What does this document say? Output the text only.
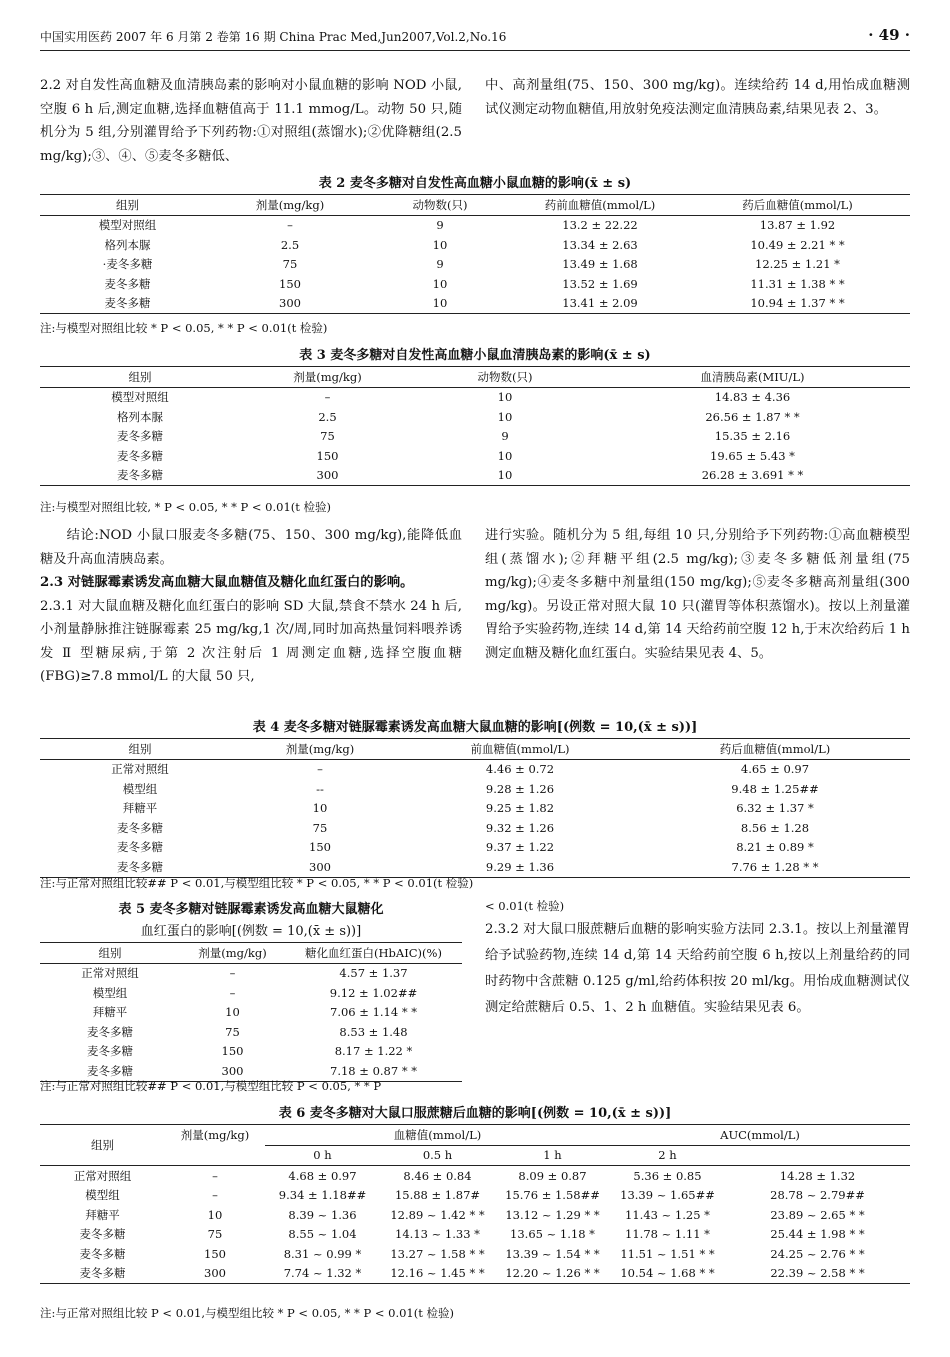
中国实用医药 2007 年 6 月第 2 卷第 16 期 China Prac Med,Jun2007,Vol.2,No.16	· 49 ·

2.2 对自发性高血糖及血清胰岛素的影响对小鼠血糖的影响 NOD 小鼠,空腹 6 h 后,测定血糖,选择血糖值高于 11.1 mmog/L。动物 50 只,随机分为 5 组,分别灌胃给予下列药物:①对照组(蒸馏水);②优降糖组(2.5 mg/kg);③、④、⑤麦冬多糖低、

中、高剂量组(75、150、300 mg/kg)。连续给药 14 d,用怡成血糖测试仪测定动物血糖值,用放射免疫法测定血清胰岛素,结果见表 2、3。

表 2 麦冬多糖对自发性高血糖小鼠血糖的影响(x̄ ± s)
组别	剂量(mg/kg)	动物数(只)	药前血糖值(mmol/L)	药后血糖值(mmol/L)
模型对照组	–	9	13.2 ± 22.22	13.87 ± 1.92
格列本脲	2.5	10	13.34 ± 2.63	10.49 ± 2.21 * *
·麦冬多糖	75	9	13.49 ± 1.68	12.25 ± 1.21 *
麦冬多糖	150	10	13.52 ± 1.69	11.31 ± 1.38 * *
麦冬多糖	300	10	13.41 ± 2.09	10.94 ± 1.37 * *
注:与模型对照组比较 * P < 0.05, * * P < 0.01(t 检验)
表 3 麦冬多糖对自发性高血糖小鼠血清胰岛素的影响(x̄ ± s)
组别	剂量(mg/kg)	动物数(只)	血清胰岛素(MIU/L)
模型对照组	–	10	14.83 ± 4.36
格列本脲	2.5	10	26.56 ± 1.87 * *
麦冬多糖	75	9	15.35 ± 2.16
麦冬多糖	150	10	19.65 ± 5.43 *
麦冬多糖	300	10	26.28 ± 3.691 * *
注:与模型对照组比较, * P < 0.05, * * P < 0.01(t 检验)

结论:NOD 小鼠口服麦冬多糖(75、150、300 mg/kg),能降低血糖及升高血清胰岛素。

2.3 对链脲霉素诱发高血糖大鼠血糖值及糖化血红蛋白的影响。

2.3.1 对大鼠血糖及糖化血红蛋白的影响 SD 大鼠,禁食不禁水 24 h 后,小剂量静脉推注链脲霉素 25 mg/kg,1 次/周,同时加高热量饲料喂养诱发 Ⅱ 型糖尿病,于第 2 次注射后 1 周测定血糖,选择空腹血糖(FBG)≥7.8 mmol/L 的大鼠 50 只,

进行实验。随机分为 5 组,每组 10 只,分别给予下列药物:①高血糖模型组(蒸馏水);②拜糖平组(2.5 mg/kg);③麦冬多糖低剂量组(75 mg/kg);④麦冬多糖中剂量组(150 mg/kg);⑤麦冬多糖高剂量组(300 mg/kg)。另设正常对照大鼠 10 只(灌胃等体积蒸馏水)。按以上剂量灌胃给予实验药物,连续 14 d,第 14 天给药前空腹 12 h,于末次给药后 1 h 测定血糖及糖化血红蛋白。实验结果见表 4、5。

表 4 麦冬多糖对链脲霉素诱发高血糖大鼠血糖的影响[(例数 = 10,(x̄ ± s))]
组别	剂量(mg/kg)	前血糖值(mmol/L)	药后血糖值(mmol/L)
正常对照组	–	4.46 ± 0.72	4.65 ± 0.97
模型组	--	9.28 ± 1.26	9.48 ± 1.25##
拜糖平	10	9.25 ± 1.82	6.32 ± 1.37 *
麦冬多糖	75	9.32 ± 1.26	8.56 ± 1.28
麦冬多糖	150	9.37 ± 1.22	8.21 ± 0.89 *
麦冬多糖	300	9.29 ± 1.36	7.76 ± 1.28 * *
注:与正常对照组比较## P < 0.01,与模型组比较 * P < 0.05, * * P < 0.01(t 检验)
表 5 麦冬多糖对链脲霉素诱发高血糖大鼠糖化
血红蛋白的影响[(例数 = 10,(x̄ ± s))]
组别	剂量(mg/kg)	糖化血红蛋白(HbAIC)(%)
正常对照组	–	4.57 ± 1.37
模型组	–	9.12 ± 1.02##
拜糖平	10	7.06 ± 1.14 * *
麦冬多糖	75	8.53 ± 1.48
麦冬多糖	150	8.17 ± 1.22 *
麦冬多糖	300	7.18 ± 0.87 * *
注:与正常对照组比较## P < 0.01,与模型组比较 P < 0.05, * * P
< 0.01(t 检验)

2.3.2 对大鼠口服蔗糖后血糖的影响实验方法同 2.3.1。按以上剂量灌胃给予试验药物,连续 14 d,第 14 天给药前空腹 6 h,按以上剂量给药的同时药物中含蔗糖 0.125 g/ml,给药体积按 20 ml/kg。用怡成血糖测试仪测定给蔗糖后 0.5、1、2 h 血糖值。实验结果见表 6。

表 6 麦冬多糖对大鼠口服蔗糖后血糖的影响[(例数 = 10,(x̄ ± s))]
组别	剂量(mg/kg)	血糖值(mmol/L)			AUC(mmol/L)	
		0 h	0.5 h	1 h	2 h	
正常对照组	–	4.68 ± 0.97	8.46 ± 0.84	8.09 ± 0.87	5.36 ± 0.85	14.28 ± 1.32
模型组	–	9.34 ± 1.18##	15.88 ± 1.87#	15.76 ± 1.58##	13.39 ~ 1.65##	28.78 ~ 2.79##
拜糖平	10	8.39 ~ 1.36	12.89 ~ 1.42 * *	13.12 ~ 1.29 * *	11.43 ~ 1.25 *	23.89 ~ 2.65 * *
麦冬多糖	75	8.55 ~ 1.04	14.13 ~ 1.33 *	13.65 ~ 1.18 *	11.78 ~ 1.11 *	25.44 ± 1.98 * *
麦冬多糖	150	8.31 ~ 0.99 *	13.27 ~ 1.58 * *	13.39 ~ 1.54 * *	11.51 ~ 1.51 * *	24.25 ~ 2.76 * *
麦冬多糖	300	7.74 ~ 1.32 *	12.16 ~ 1.45 * *	12.20 ~ 1.26 * *	10.54 ~ 1.68 * *	22.39 ~ 2.58 * *
注:与正常对照组比较 P < 0.01,与模型组比较 * P < 0.05, * * P < 0.01(t 检验)
